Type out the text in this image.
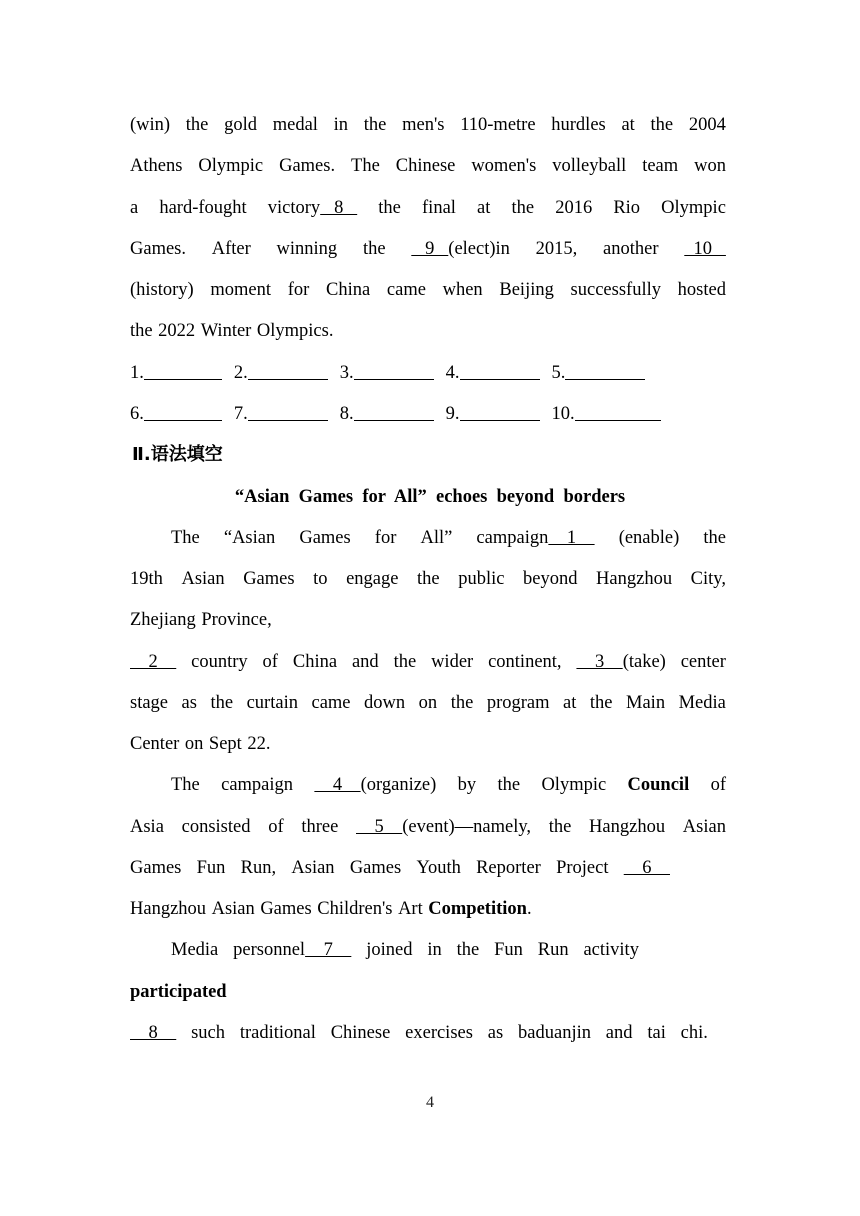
(win) the gold medal in the men's 110-metre hurdles at the 2004
Athens Olympic Games. The Chinese women's volleyball team won
a hard-fought victory   8 the final at the 2016 Rio Olympic
Games. After winning the 9   (elect)in 2015, another 10
(history) moment for China came when Beijing successfully hosted
the 2022 Winter Olympics.
1.	2.	3.	4.	5.
6.	7.	8.	9.	10.
Ⅱ.语法填空
“Asian  Games  for  All”  echoes  beyond  borders
The “Asian Games for All” campaign    1 (enable) the
19th Asian Games to engage the public beyond Hangzhou City,
Zhejiang Province,
2 country of China and the wider continent, 3    (take) center
stage as the curtain came down on the program at the Main Media
Center on Sept 22.
The campaign 4    (organize) by the Olympic Council of
Asia consisted of three 5    (event)—namely, the Hangzhou Asian
Games Fun Run, Asian Games Youth Reporter Project 6
Hangzhou Asian Games Children's Art Competition.
Media personnel    7 joined in the Fun Run activity
participated
8 such traditional Chinese exercises as baduanjin and tai chi.
4
